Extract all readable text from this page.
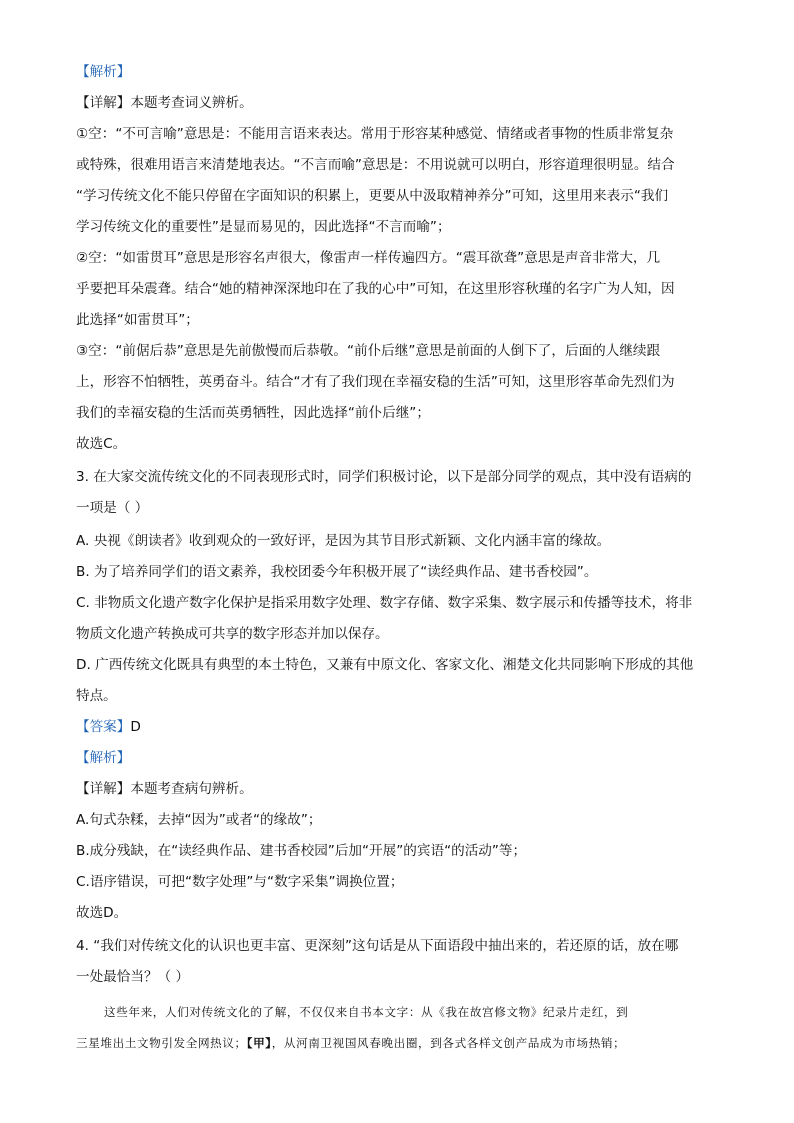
【解析】
【详解】本题考查词义辨析。
①空：“不可言喻”意思是：不能用言语来表达。常用于形容某种感觉、情绪或者事物的性质非常复杂
或特殊，很难用语言来清楚地表达。“不言而喻”意思是：不用说就可以明白，形容道理很明显。结合
“学习传统文化不能只停留在字面知识的积累上，更要从中汲取精神养分”可知，这里用来表示“我们
学习传统文化的重要性”是显而易见的，因此选择“不言而喻”；
②空：“如雷贯耳”意思是形容名声很大，像雷声一样传遍四方。“震耳欲聋”意思是声音非常大，几
乎要把耳朵震聋。结合“她的精神深深地印在了我的心中”可知，在这里形容秋瑾的名字广为人知，因
此选择“如雷贯耳”；
③空：“前倨后恭”意思是先前傲慢而后恭敬。“前仆后继”意思是前面的人倒下了，后面的人继续跟
上，形容不怕牺牲，英勇奋斗。结合“才有了我们现在幸福安稳的生活”可知，这里形容革命先烈们为
我们的幸福安稳的生活而英勇牺牲，因此选择“前仆后继”；
故选C。
3. 在大家交流传统文化的不同表现形式时，同学们积极讨论，以下是部分同学的观点，其中没有语病的
一项是（ ）
A. 央视《朗读者》收到观众的一致好评，是因为其节目形式新颖、文化内涵丰富的缘故。
B. 为了培养同学们的语文素养，我校团委今年积极开展了“读经典作品、建书香校园”。
C. 非物质文化遗产数字化保护是指采用数字处理、数字存储、数字采集、数字展示和传播等技术，将非
物质文化遗产转换成可共享的数字形态并加以保存。
D. 广西传统文化既具有典型的本土特色，又兼有中原文化、客家文化、湘楚文化共同影响下形成的其他
特点。
【答案】D
【解析】
【详解】本题考查病句辨析。
A.句式杂糅，去掉“因为”或者“的缘故”；
B.成分残缺，在“读经典作品、建书香校园”后加“开展”的宾语“的活动”等；
C.语序错误，可把“数字处理”与“数字采集”调换位置；
故选D。
4. “我们对传统文化的认识也更丰富、更深刻”这句话是从下面语段中抽出来的，若还原的话，放在哪
一处最恰当？（ ）
这些年来，人们对传统文化的了解，不仅仅来自书本文字：从《我在故宫修文物》纪录片走红，到
三星堆出土文物引发全网热议；【甲】，从河南卫视国风春晚出圈，到各式各样文创产品成为市场热销；
